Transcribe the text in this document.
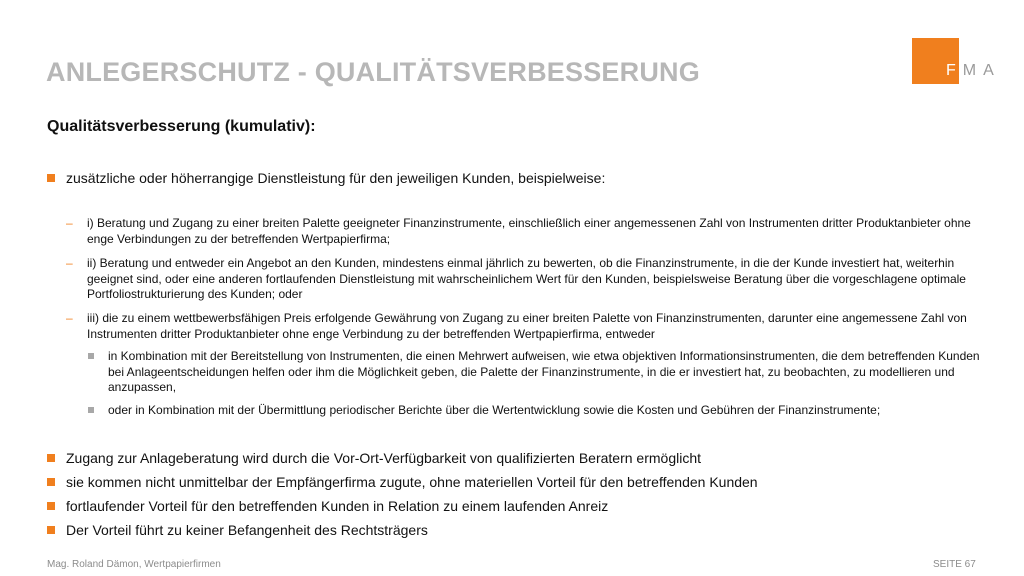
ANLEGERSCHUTZ - QUALITÄTSVERBESSERUNG	FMA
Qualitätsverbesserung (kumulativ):
zusätzliche oder höherrangige Dienstleistung für den jeweiligen Kunden, beispielweise:
– i) Beratung und Zugang zu einer breiten Palette geeigneter Finanzinstrumente, einschließlich einer angemessenen Zahl von Instrumenten dritter Produktanbieter ohne enge Verbindungen zu der betreffenden Wertpapierfirma;
– ii) Beratung und entweder ein Angebot an den Kunden, mindestens einmal jährlich zu bewerten, ob die Finanzinstrumente, in die der Kunde investiert hat, weiterhin geeignet sind, oder eine anderen fortlaufenden Dienstleistung mit wahrscheinlichem Wert für den Kunden, beispielsweise Beratung über die vorgeschlagene optimale Portfoliostrukturierung des Kunden; oder
– iii) die zu einem wettbewerbsfähigen Preis erfolgende Gewährung von Zugang zu einer breiten Palette von Finanzinstrumenten, darunter eine angemessene Zahl von Instrumenten dritter Produktanbieter ohne enge Verbindung zu der betreffenden Wertpapierfirma, entweder
in Kombination mit der Bereitstellung von Instrumenten, die einen Mehrwert aufweisen, wie etwa objektiven Informationsinstrumenten, die dem betreffenden Kunden bei Anlageentscheidungen helfen oder ihm die Möglichkeit geben, die Palette der Finanzinstrumente, in die er investiert hat, zu beobachten, zu modellieren und anzupassen,
oder in Kombination mit der Übermittlung periodischer Berichte über die Wertentwicklung sowie die Kosten und Gebühren der Finanzinstrumente;
Zugang zur Anlageberatung wird durch die Vor-Ort-Verfügbarkeit von qualifizierten Beratern ermöglicht
sie kommen nicht unmittelbar der Empfängerfirma zugute, ohne materiellen Vorteil für den betreffenden Kunden
fortlaufender Vorteil für den betreffenden Kunden in Relation zu einem laufenden Anreiz
Der Vorteil führt zu keiner Befangenheit des Rechtsträgers
Mag. Roland Dämon, Wertpapierfirmen	SEITE 67
